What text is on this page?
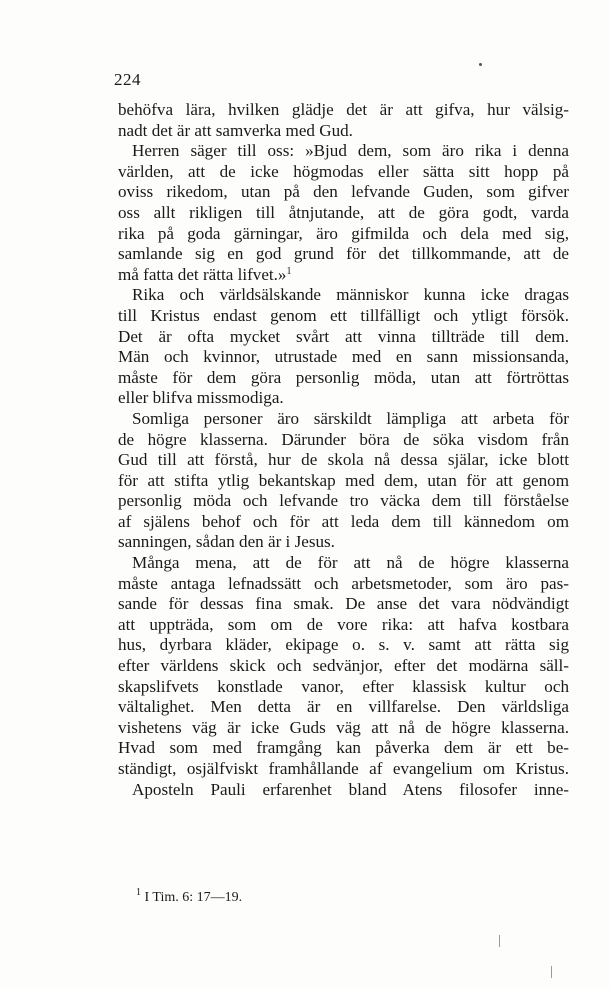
224

behöfva lära, hvilken glädje det är att gifva, hur välsig-
nadt det är att samverka med Gud.

Herren säger till oss: »Bjud dem, som äro rika i denna
världen, att de icke högmodas eller sätta sitt hopp på
oviss rikedom, utan på den lefvande Guden, som gifver
oss allt rikligen till åtnjutande, att de göra godt, varda
rika på goda gärningar, äro gifmilda och dela med sig,
samlande sig en god grund för det tillkommande, att de
må fatta det rätta lifvet.»$^1$

Rika och världsälskande människor kunna icke dragas
till Kristus endast genom ett tillfälligt och ytligt försök.
Det är ofta mycket svårt att vinna tillträde till dem.
Män och kvinnor, utrustade med en sann missionsanda,
måste för dem göra personlig möda, utan att förtröttas
eller blifva missmodiga.

Somliga personer äro särskildt lämpliga att arbeta för
de högre klasserna. Därunder böra de söka visdom från
Gud till att förstå, hur de skola nå dessa själar, icke blott
för att stifta ytlig bekantskap med dem, utan för att genom
personlig möda och lefvande tro väcka dem till förståelse
af själens behof och för att leda dem till kännedom om
sanningen, sådan den är i Jesus.

Många mena, att de för att nå de högre klasserna
måste antaga lefnadssätt och arbetsmetoder, som äro pas-
sande för dessas fina smak. De anse det vara nödvändigt
att uppträda, som om de vore rika: att hafva kostbara
hus, dyrbara kläder, ekipage o. s. v. samt att rätta sig
efter världens skick och sedvänjor, efter det modärna säll-
skapslifvets konstlade vanor, efter klassisk kultur och
vältalighet. Men detta är en villfarelse. Den världsliga
vishetens väg är icke Guds väg att nå de högre klasserna.
Hvad som med framgång kan påverka dem är ett be-
ständigt, osjälfviskt framhållande af evangelium om Kristus.

Aposteln Pauli erfarenhet bland Atens filosofer inne-

$^1$ I Tim. 6: 17—19.
